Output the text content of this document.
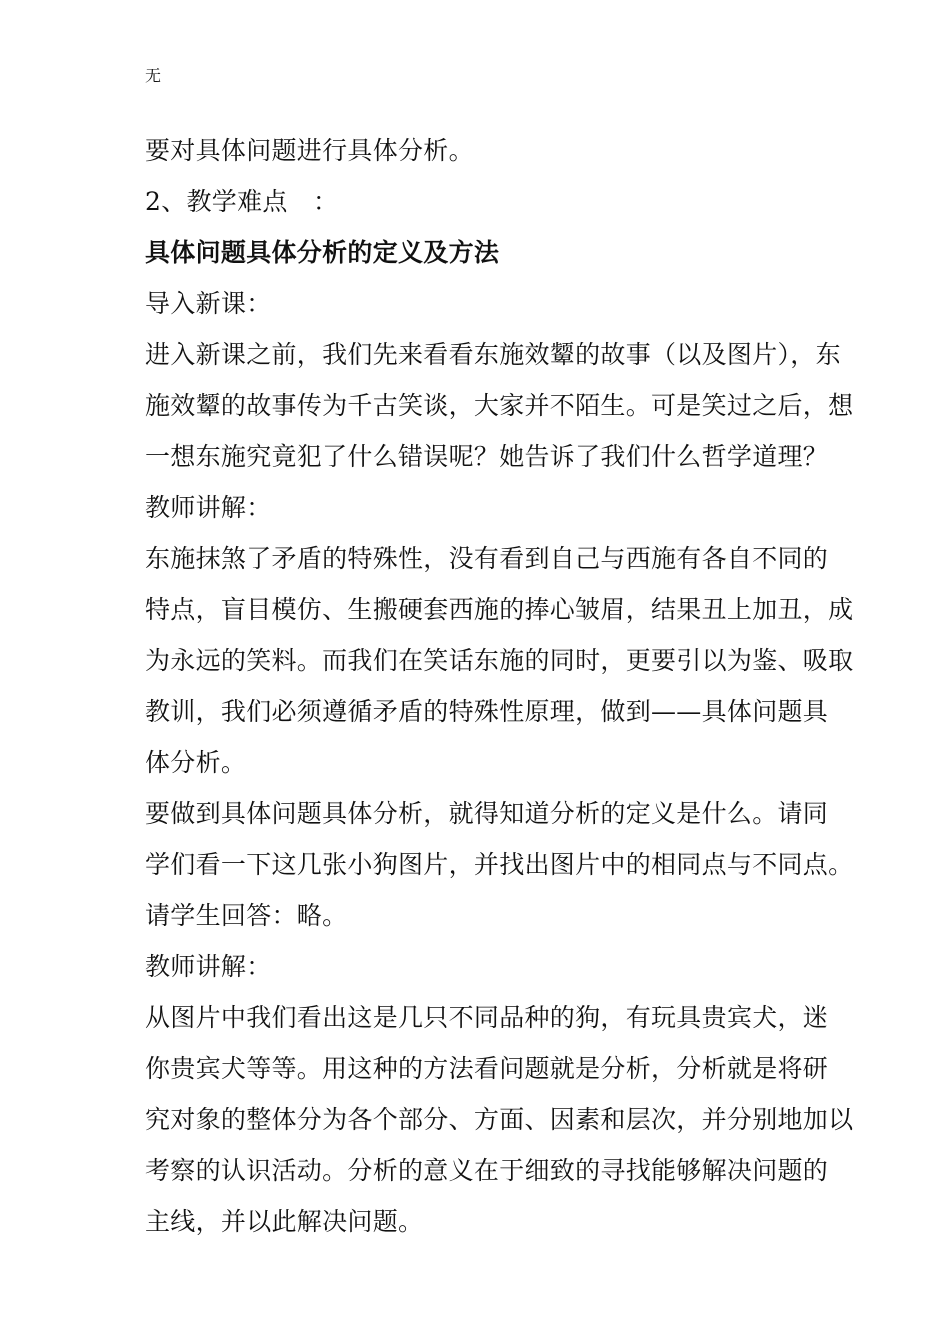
无
要对具体问题进行具体分析。
2、教学难点　：
具体问题具体分析的定义及方法
导入新课：
进入新课之前，我们先来看看东施效颦的故事（以及图片），东
施效颦的故事传为千古笑谈，大家并不陌生。可是笑过之后，想
一想东施究竟犯了什么错误呢？她告诉了我们什么哲学道理？
教师讲解：
东施抹煞了矛盾的特殊性，没有看到自己与西施有各自不同的
特点，盲目模仿、生搬硬套西施的捧心皱眉，结果丑上加丑，成
为永远的笑料。而我们在笑话东施的同时，更要引以为鉴、吸取
教训，我们必须遵循矛盾的特殊性原理，做到——具体问题具
体分析。
要做到具体问题具体分析，就得知道分析的定义是什么。请同
学们看一下这几张小狗图片，并找出图片中的相同点与不同点。
请学生回答：略。
教师讲解：
从图片中我们看出这是几只不同品种的狗，有玩具贵宾犬，迷
你贵宾犬等等。用这种的方法看问题就是分析，分析就是将研
究对象的整体分为各个部分、方面、因素和层次，并分别地加以
考察的认识活动。分析的意义在于细致的寻找能够解决问题的
主线，并以此解决问题。
